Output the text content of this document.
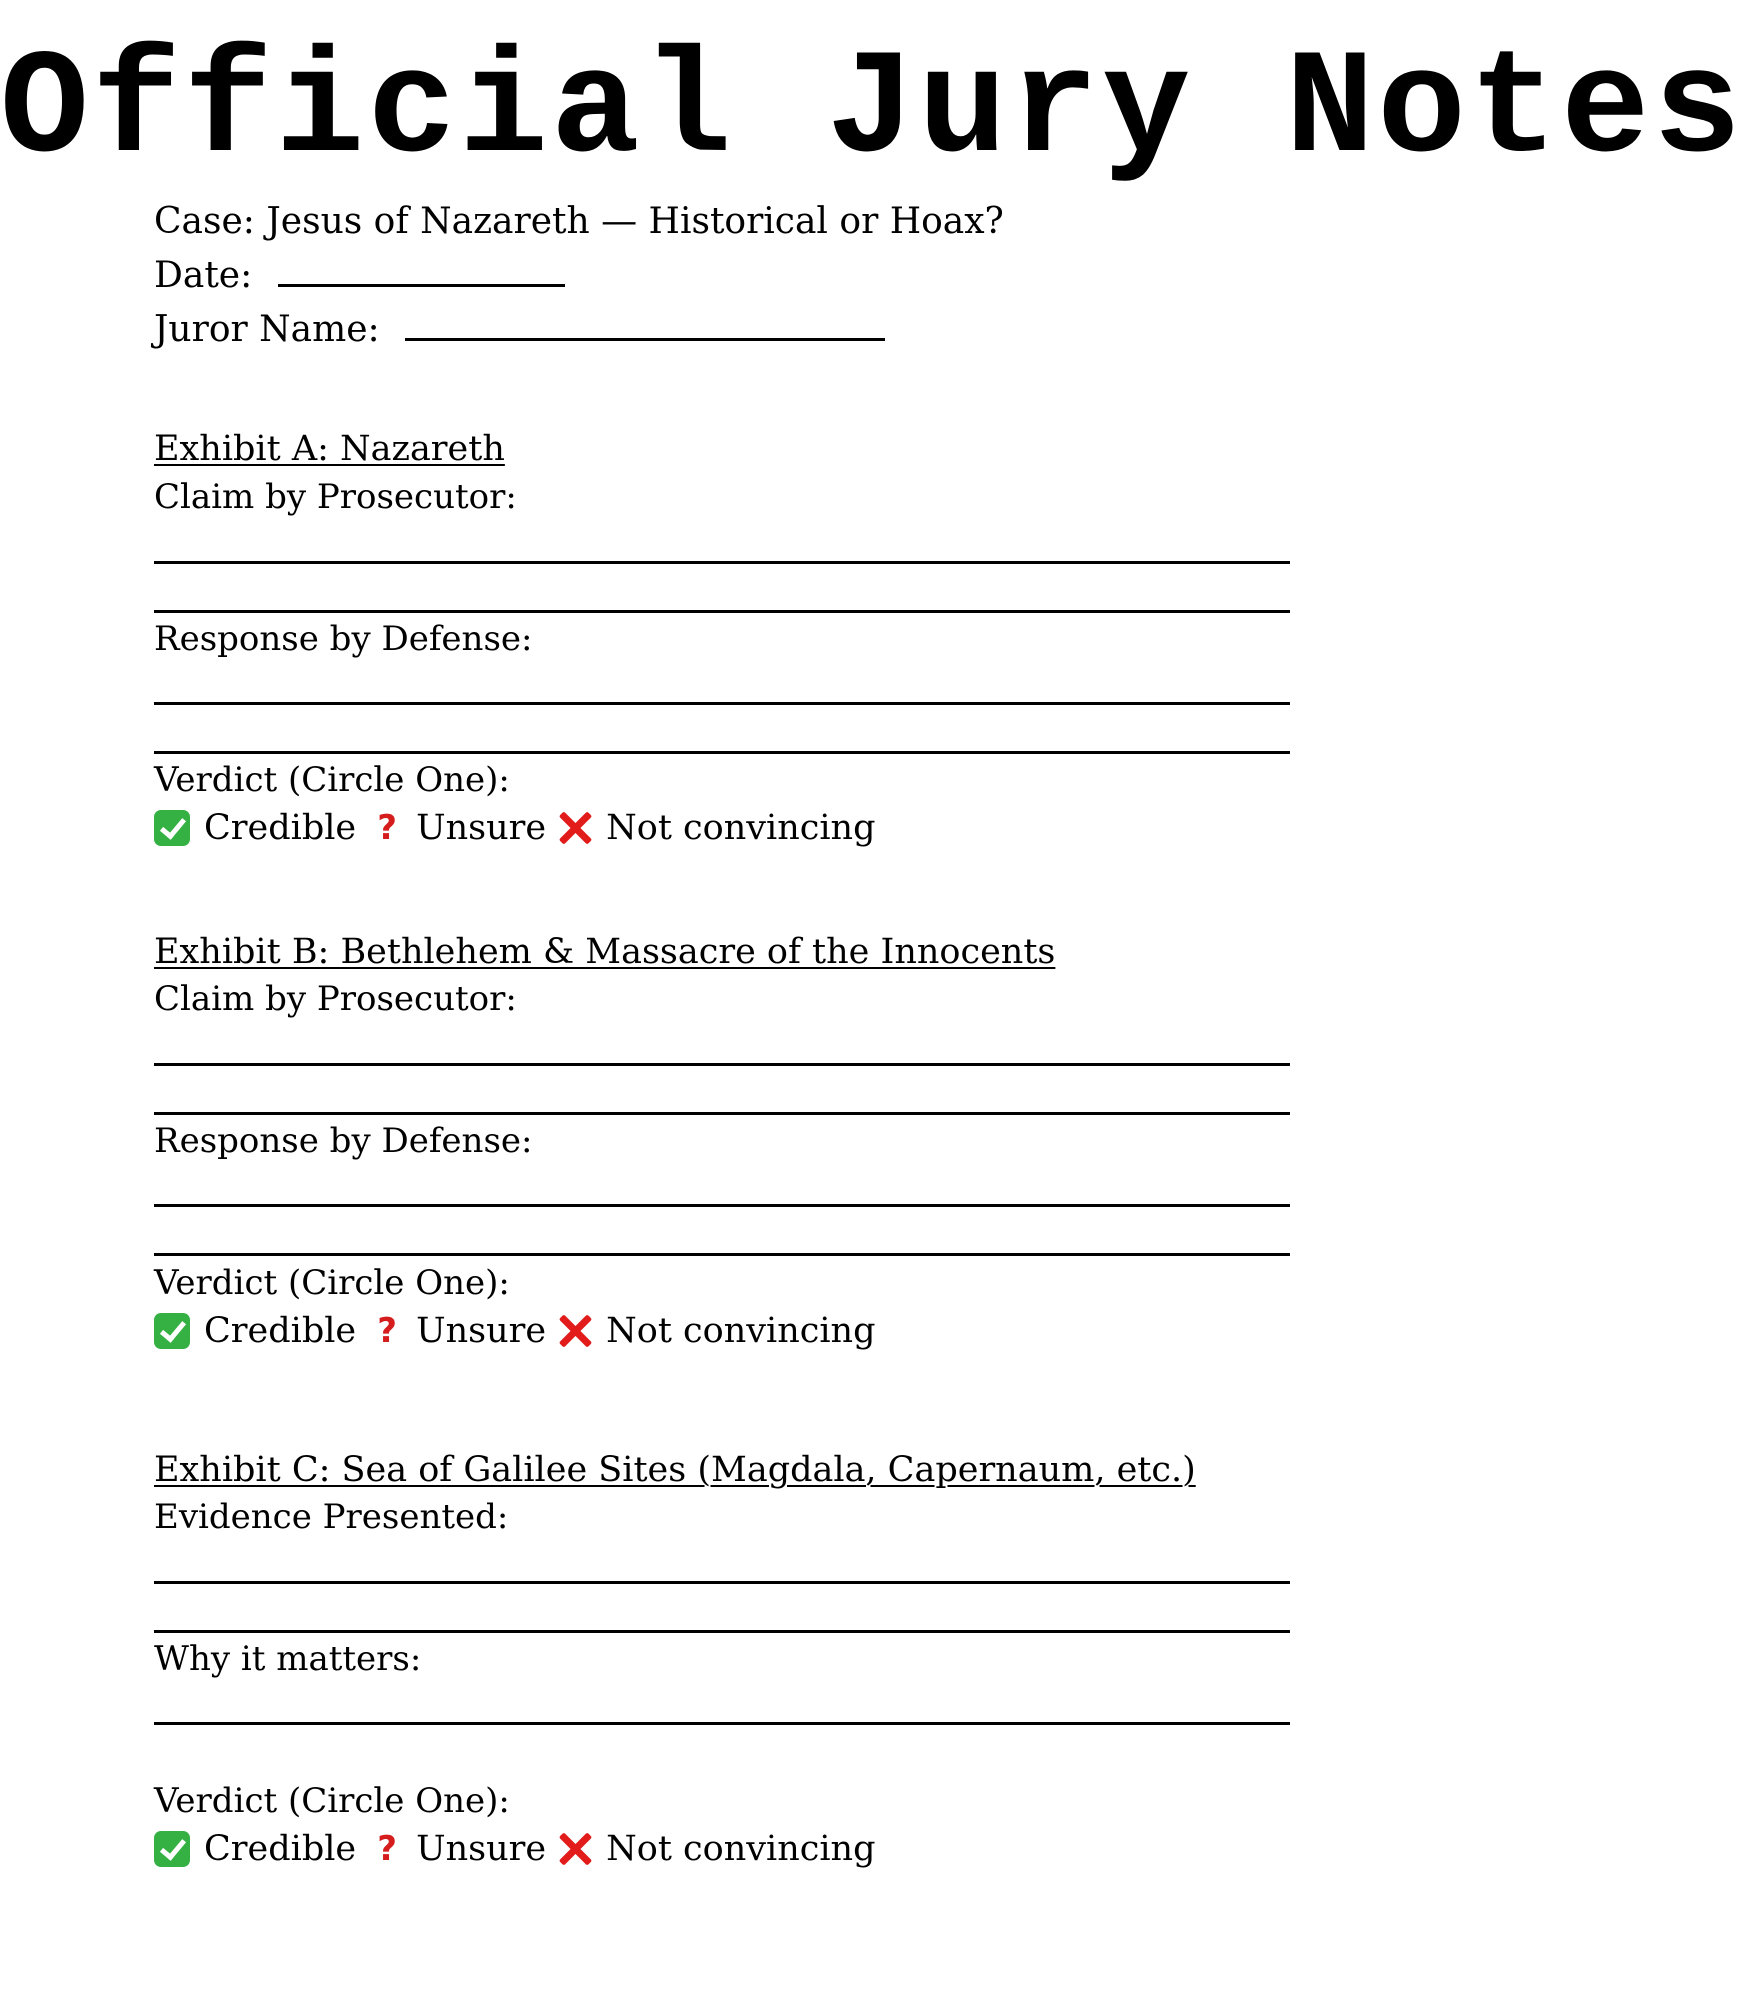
Official Jury Notes
Case: Jesus of Nazareth — Historical or Hoax?
Date:
Juror Name:
Exhibit A: Nazareth
Claim by Prosecutor:
Response by Defense:
Verdict (Circle One):
Credible ? Unsure Not convincing
Exhibit B: Bethlehem & Massacre of the Innocents
Claim by Prosecutor:
Response by Defense:
Verdict (Circle One):
Credible ? Unsure Not convincing
Exhibit C: Sea of Galilee Sites (Magdala, Capernaum, etc.)
Evidence Presented:
Why it matters:
Verdict (Circle One):
Credible ? Unsure Not convincing
